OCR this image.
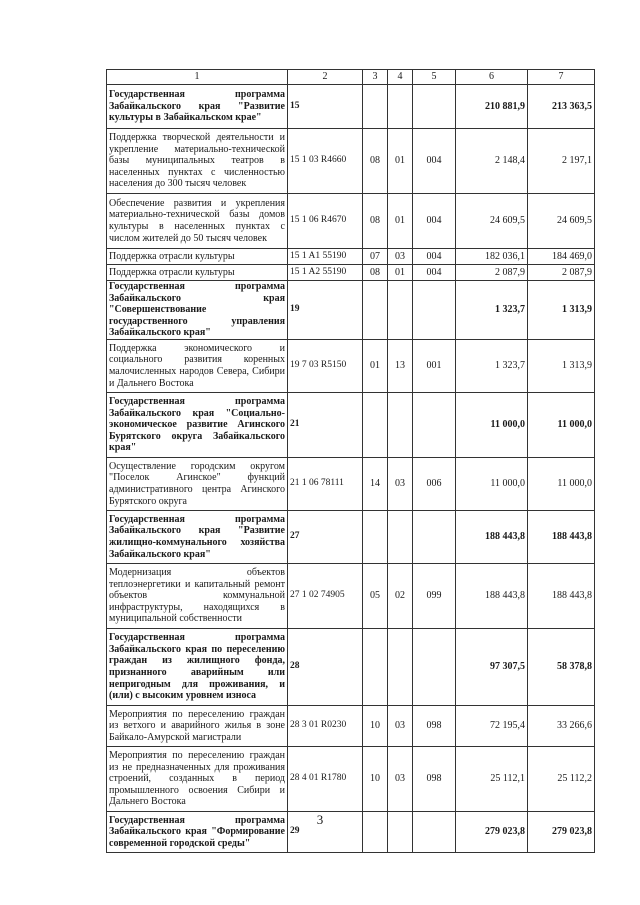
1	2	3	4	5	6	7
Государственная программа Забайкальского края "Развитие культуры в Забайкальском крае"	15				210 881,9	213 363,5
Поддержка творческой деятельности и укрепление материально-технической базы муниципальных театров в населенных пунктах с численностью населения до 300 тысяч человек	15 1 03 R4660	08	01	004	2 148,4	2 197,1
Обеспечение развития и укрепления материально-технической базы домов культуры в населенных пунктах с числом жителей до 50 тысяч человек	15 1 06 R4670	08	01	004	24 609,5	24 609,5
Поддержка отрасли культуры	15 1 A1 55190	07	03	004	182 036,1	184 469,0
Поддержка отрасли культуры	15 1 A2 55190	08	01	004	2 087,9	2 087,9
Государственная программа Забайкальского края "Совершенствование государственного управления Забайкальского края"	19				1 323,7	1 313,9
Поддержка экономического и социального развития коренных малочисленных народов Севера, Сибири и Дальнего Востока	19 7 03 R5150	01	13	001	1 323,7	1 313,9
Государственная программа Забайкальского края "Социально-экономическое развитие Агинского Бурятского округа Забайкальского края"	21				11 000,0	11 000,0
Осуществление городским округом "Поселок Агинское" функций административного центра Агинского Бурятского округа	21 1 06 78111	14	03	006	11 000,0	11 000,0
Государственная программа Забайкальского края "Развитие жилищно-коммунального хозяйства Забайкальского края"	27				188 443,8	188 443,8
Модернизация объектов теплоэнергетики и капитальный ремонт объектов коммунальной инфраструктуры, находящихся в муниципальной собственности	27 1 02 74905	05	02	099	188 443,8	188 443,8
Государственная программа Забайкальского края по переселению граждан из жилищного фонда, признанного аварийным или непригодным для проживания, и (или) с высоким уровнем износа	28				97 307,5	58 378,8
Мероприятия по переселению граждан из ветхого и аварийного жилья в зоне Байкало-Амурской магистрали	28 3 01 R0230	10	03	098	72 195,4	33 266,6
Мероприятия по переселению граждан из не предназначенных для проживания строений, созданных в период промышленного освоения Сибири и Дальнего Востока	28 4 01 R1780	10	03	098	25 112,1	25 112,2
Государственная программа Забайкальского края "Формирование современной городской среды"	29				279 023,8	279 023,8
3
